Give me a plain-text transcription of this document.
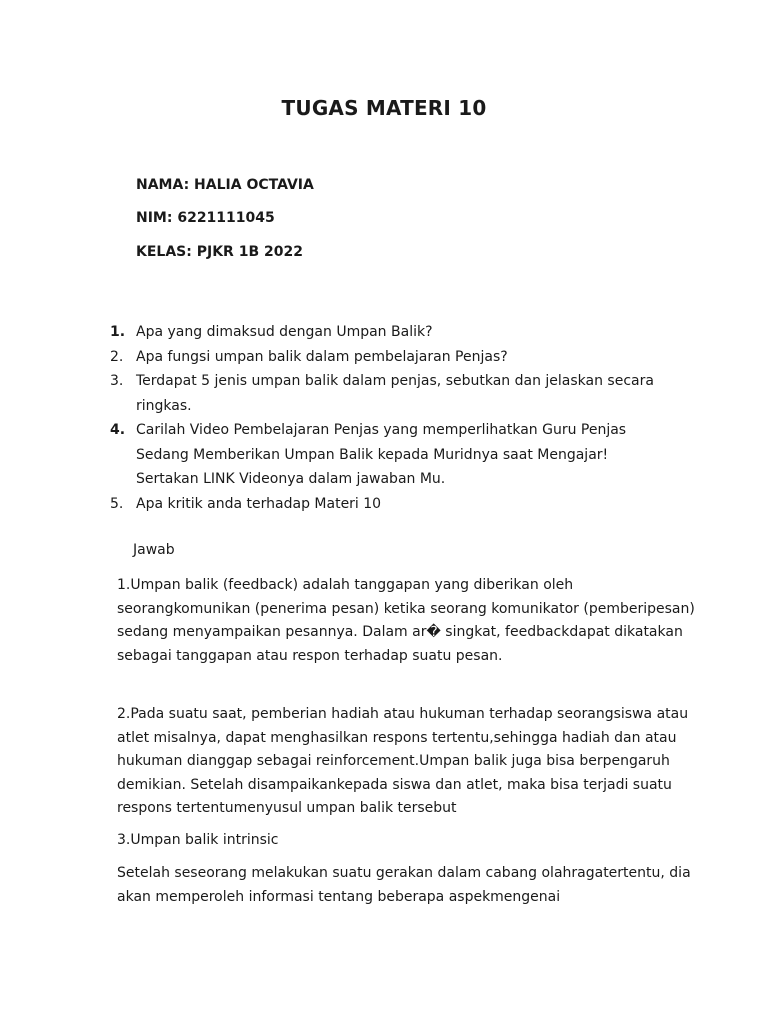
TUGAS MATERI 10
NAMA: HALIA OCTAVIA
NIM: 6221111045
KELAS: PJKR 1B 2022
1. Apa yang dimaksud dengan Umpan Balik?
2. Apa fungsi umpan balik dalam pembelajaran Penjas?
3. Terdapat 5 jenis umpan balik dalam penjas, sebutkan dan jelaskan secara ringkas.
4. Carilah Video Pembelajaran Penjas yang memperlihatkan Guru Penjas Sedang Memberikan Umpan Balik kepada Muridnya saat Mengajar! Sertakan LINK Videonya dalam jawaban Mu.
5. Apa kritik anda terhadap Materi 10
Jawab

1.Umpan balik (feedback) adalah tanggapan yang diberikan oleh seorangkomunikan (penerima pesan) ketika seorang komunikator (pemberipesan) sedang menyampaikan pesannya. Dalam ar� singkat, feedbackdapat dikatakan sebagai tanggapan atau respon terhadap suatu pesan.

2.Pada suatu saat, pemberian hadiah atau hukuman terhadap seorangsiswa atau atlet misalnya, dapat menghasilkan respons tertentu,sehingga hadiah dan atau hukuman dianggap sebagai reinforcement.Umpan balik juga bisa berpengaruh demikian. Setelah disampaikankepada siswa dan atlet, maka bisa terjadi suatu respons tertentumenyusul umpan balik tersebut

3.Umpan balik intrinsic

Setelah seseorang melakukan suatu gerakan dalam cabang olahragatertentu, dia akan memperoleh informasi tentang beberapa aspekmengenai
